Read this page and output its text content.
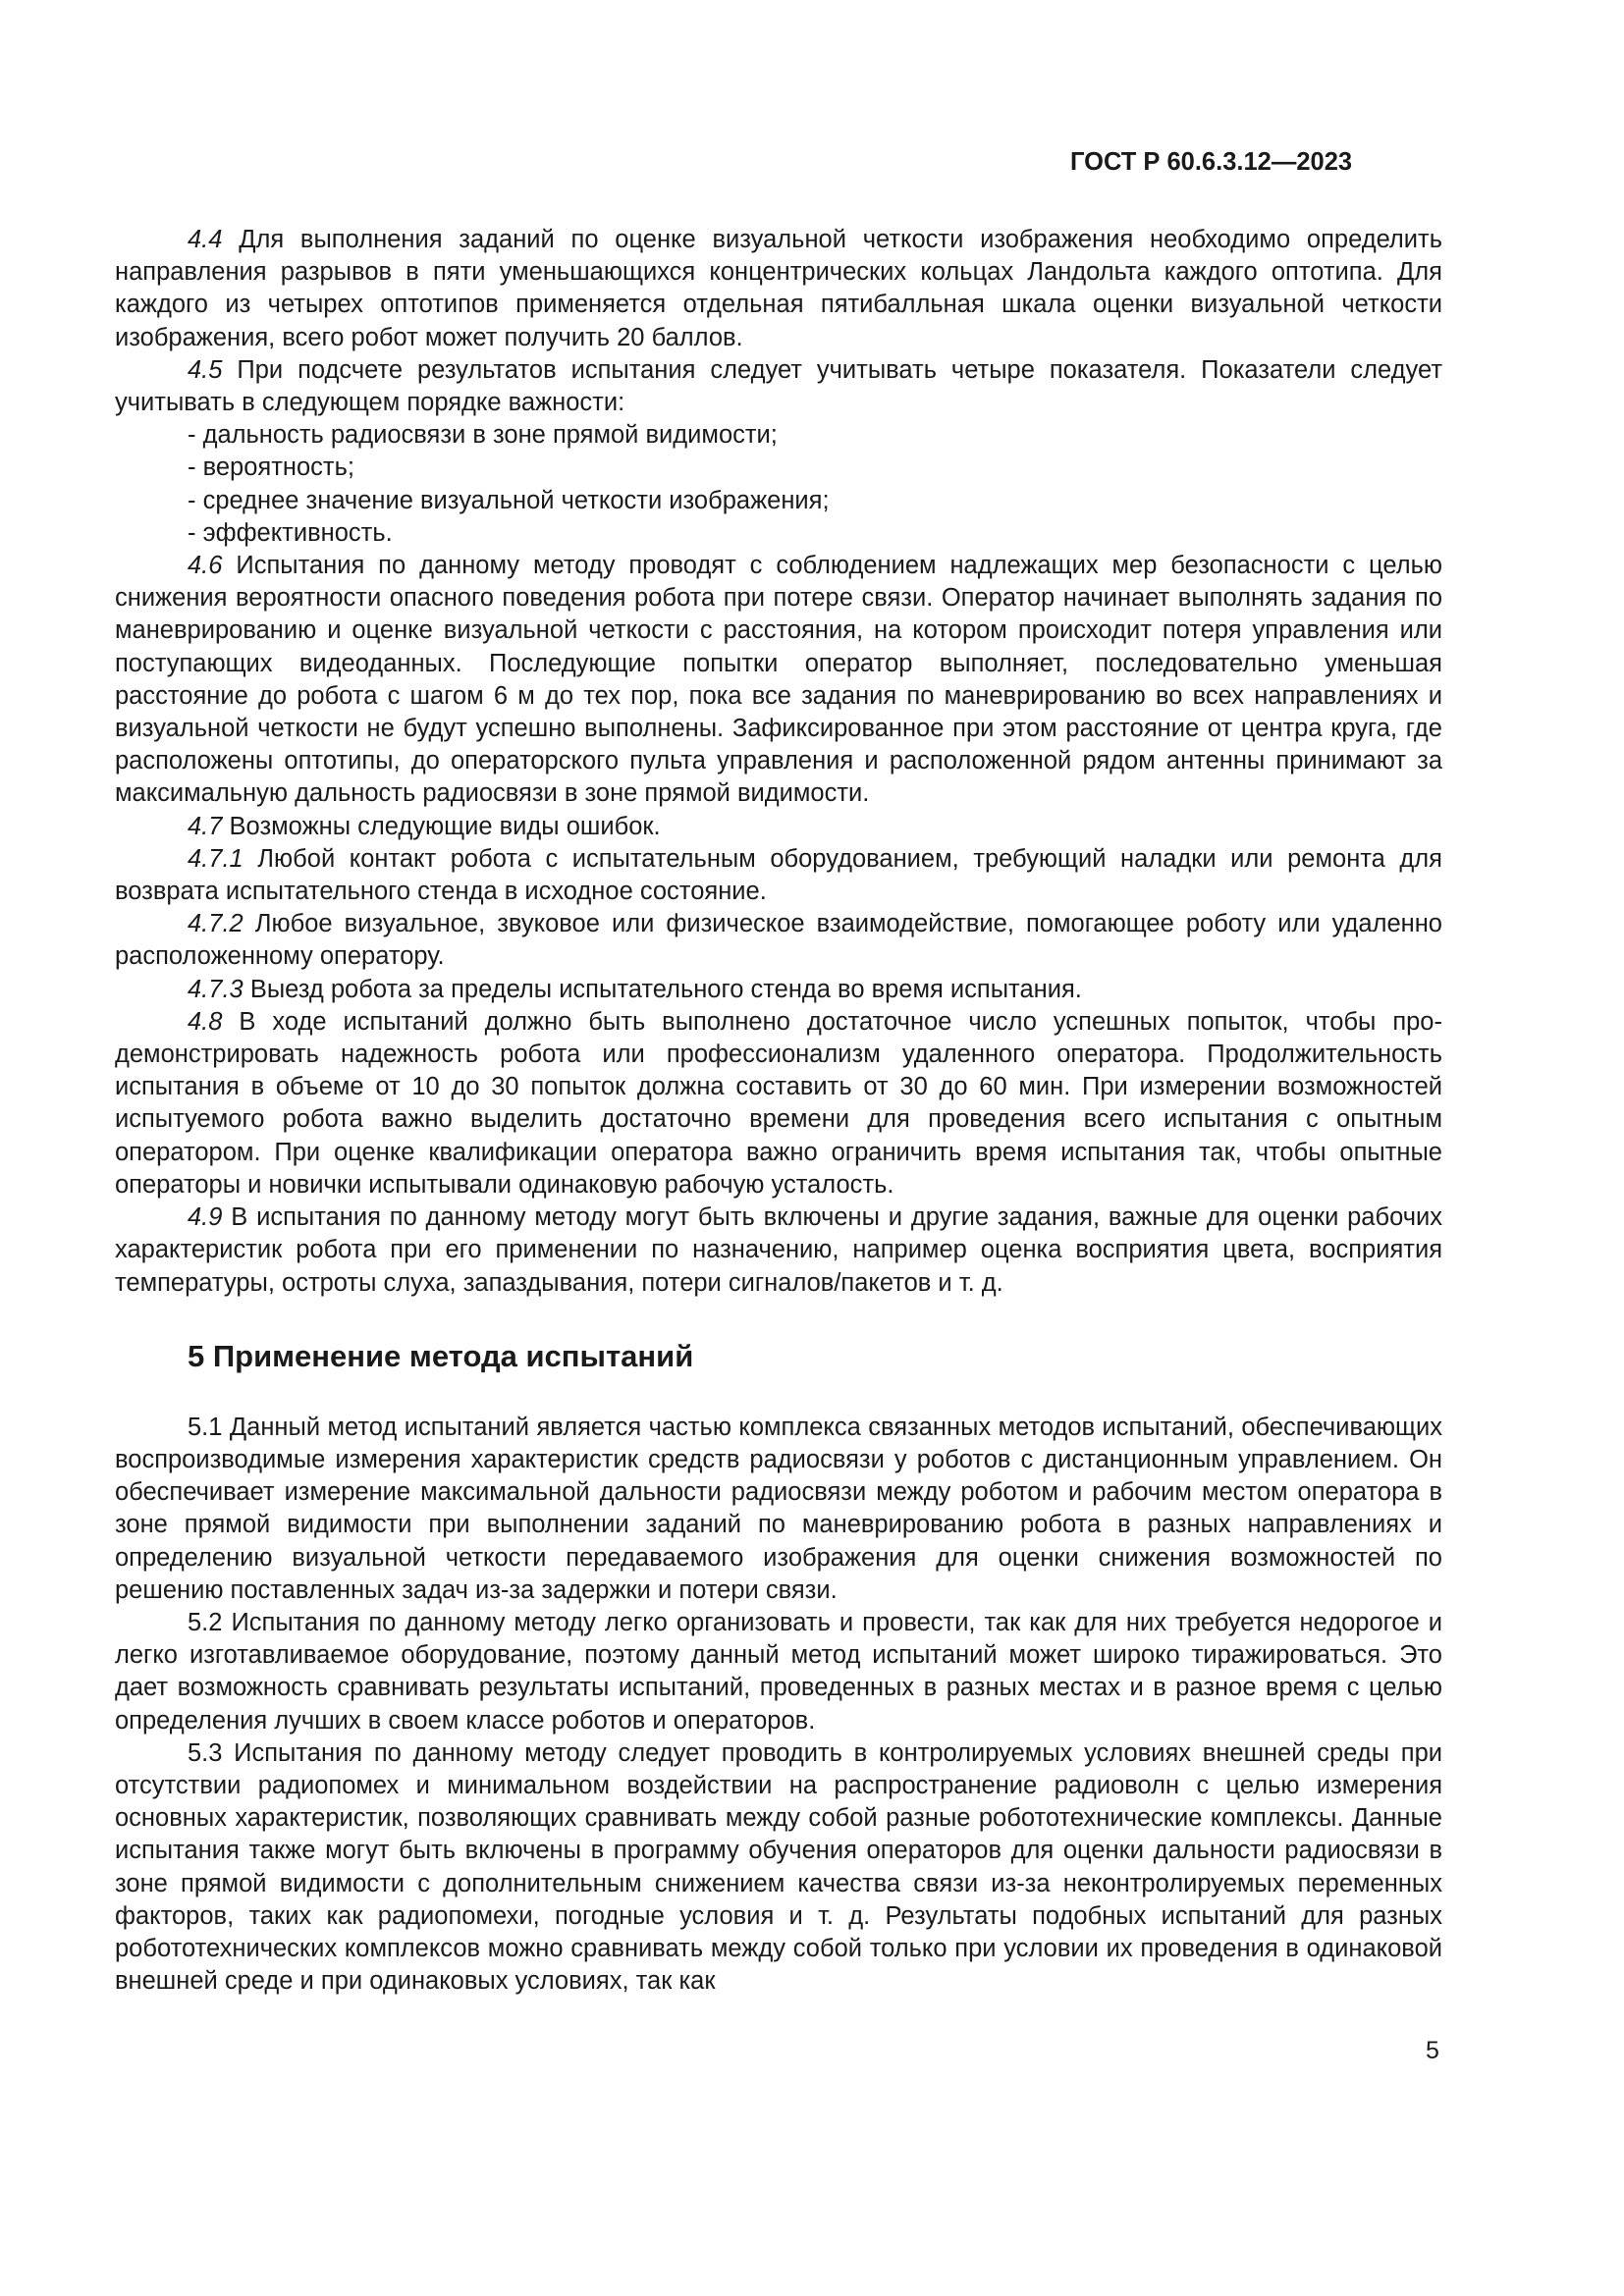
ГОСТ Р 60.6.3.12—2023

4.4 Для выполнения заданий по оценке визуальной четкости изображения необходимо определить направления разрывов в пяти уменьшающихся концентрических кольцах Ландольта каждого оптотипа. Для каждого из четырех оптотипов применяется отдельная пятибалльная шкала оценки визуальной четкости изображения, всего робот может получить 20 баллов.

4.5 При подсчете результатов испытания следует учитывать четыре показателя. Показатели следует учитывать в следующем порядке важности:

- дальность радиосвязи в зоне прямой видимости;

- вероятность;

- среднее значение визуальной четкости изображения;

- эффективность.

4.6 Испытания по данному методу проводят с соблюдением надлежащих мер безопасности с целью снижения вероятности опасного поведения робота при потере связи. Оператор начинает выполнять задания по маневрированию и оценке визуальной четкости с расстояния, на котором происходит потеря управления или поступающих видеоданных. Последующие попытки оператор выполняет, последовательно уменьшая расстояние до робота с шагом 6 м до тех пор, пока все задания по маневрированию во всех направлениях и визуальной четкости не будут успешно выполнены. Зафиксированное при этом расстояние от центра круга, где расположены оптотипы, до операторского пульта управления и расположенной рядом антенны принимают за максимальную дальность радиосвязи в зоне прямой видимости.

4.7 Возможны следующие виды ошибок.

4.7.1 Любой контакт робота с испытательным оборудованием, требующий наладки или ремонта для возврата испытательного стенда в исходное состояние.

4.7.2 Любое визуальное, звуковое или физическое взаимодействие, помогающее роботу или удаленно расположенному оператору.

4.7.3 Выезд робота за пределы испытательного стенда во время испытания.

4.8 В ходе испытаний должно быть выполнено достаточное число успешных попыток, чтобы продемонстрировать надежность робота или профессионализм удаленного оператора. Продолжительность испытания в объеме от 10 до 30 попыток должна составить от 30 до 60 мин. При измерении возможностей испытуемого робота важно выделить достаточно времени для проведения всего испытания с опытным оператором. При оценке квалификации оператора важно ограничить время испытания так, чтобы опытные операторы и новички испытывали одинаковую рабочую усталость.

4.9 В испытания по данному методу могут быть включены и другие задания, важные для оценки рабочих характеристик робота при его применении по назначению, например оценка восприятия цвета, восприятия температуры, остроты слуха, запаздывания, потери сигналов/пакетов и т. д.

5 Применение метода испытаний

5.1 Данный метод испытаний является частью комплекса связанных методов испытаний, обеспечивающих воспроизводимые измерения характеристик средств радиосвязи у роботов с дистанционным управлением. Он обеспечивает измерение максимальной дальности радиосвязи между роботом и рабочим местом оператора в зоне прямой видимости при выполнении заданий по маневрированию робота в разных направлениях и определению визуальной четкости передаваемого изображения для оценки снижения возможностей по решению поставленных задач из-за задержки и потери связи.

5.2 Испытания по данному методу легко организовать и провести, так как для них требуется недорогое и легко изготавливаемое оборудование, поэтому данный метод испытаний может широко тиражироваться. Это дает возможность сравнивать результаты испытаний, проведенных в разных местах и в разное время с целью определения лучших в своем классе роботов и операторов.

5.3 Испытания по данному методу следует проводить в контролируемых условиях внешней среды при отсутствии радиопомех и минимальном воздействии на распространение радиоволн с целью измерения основных характеристик, позволяющих сравнивать между собой разные робототехнические комплексы. Данные испытания также могут быть включены в программу обучения операторов для оценки дальности радиосвязи в зоне прямой видимости с дополнительным снижением качества связи из-за неконтролируемых переменных факторов, таких как радиопомехи, погодные условия и т. д. Результаты подобных испытаний для разных робототехнических комплексов можно сравнивать между собой только при условии их проведения в одинаковой внешней среде и при одинаковых условиях, так как

5
